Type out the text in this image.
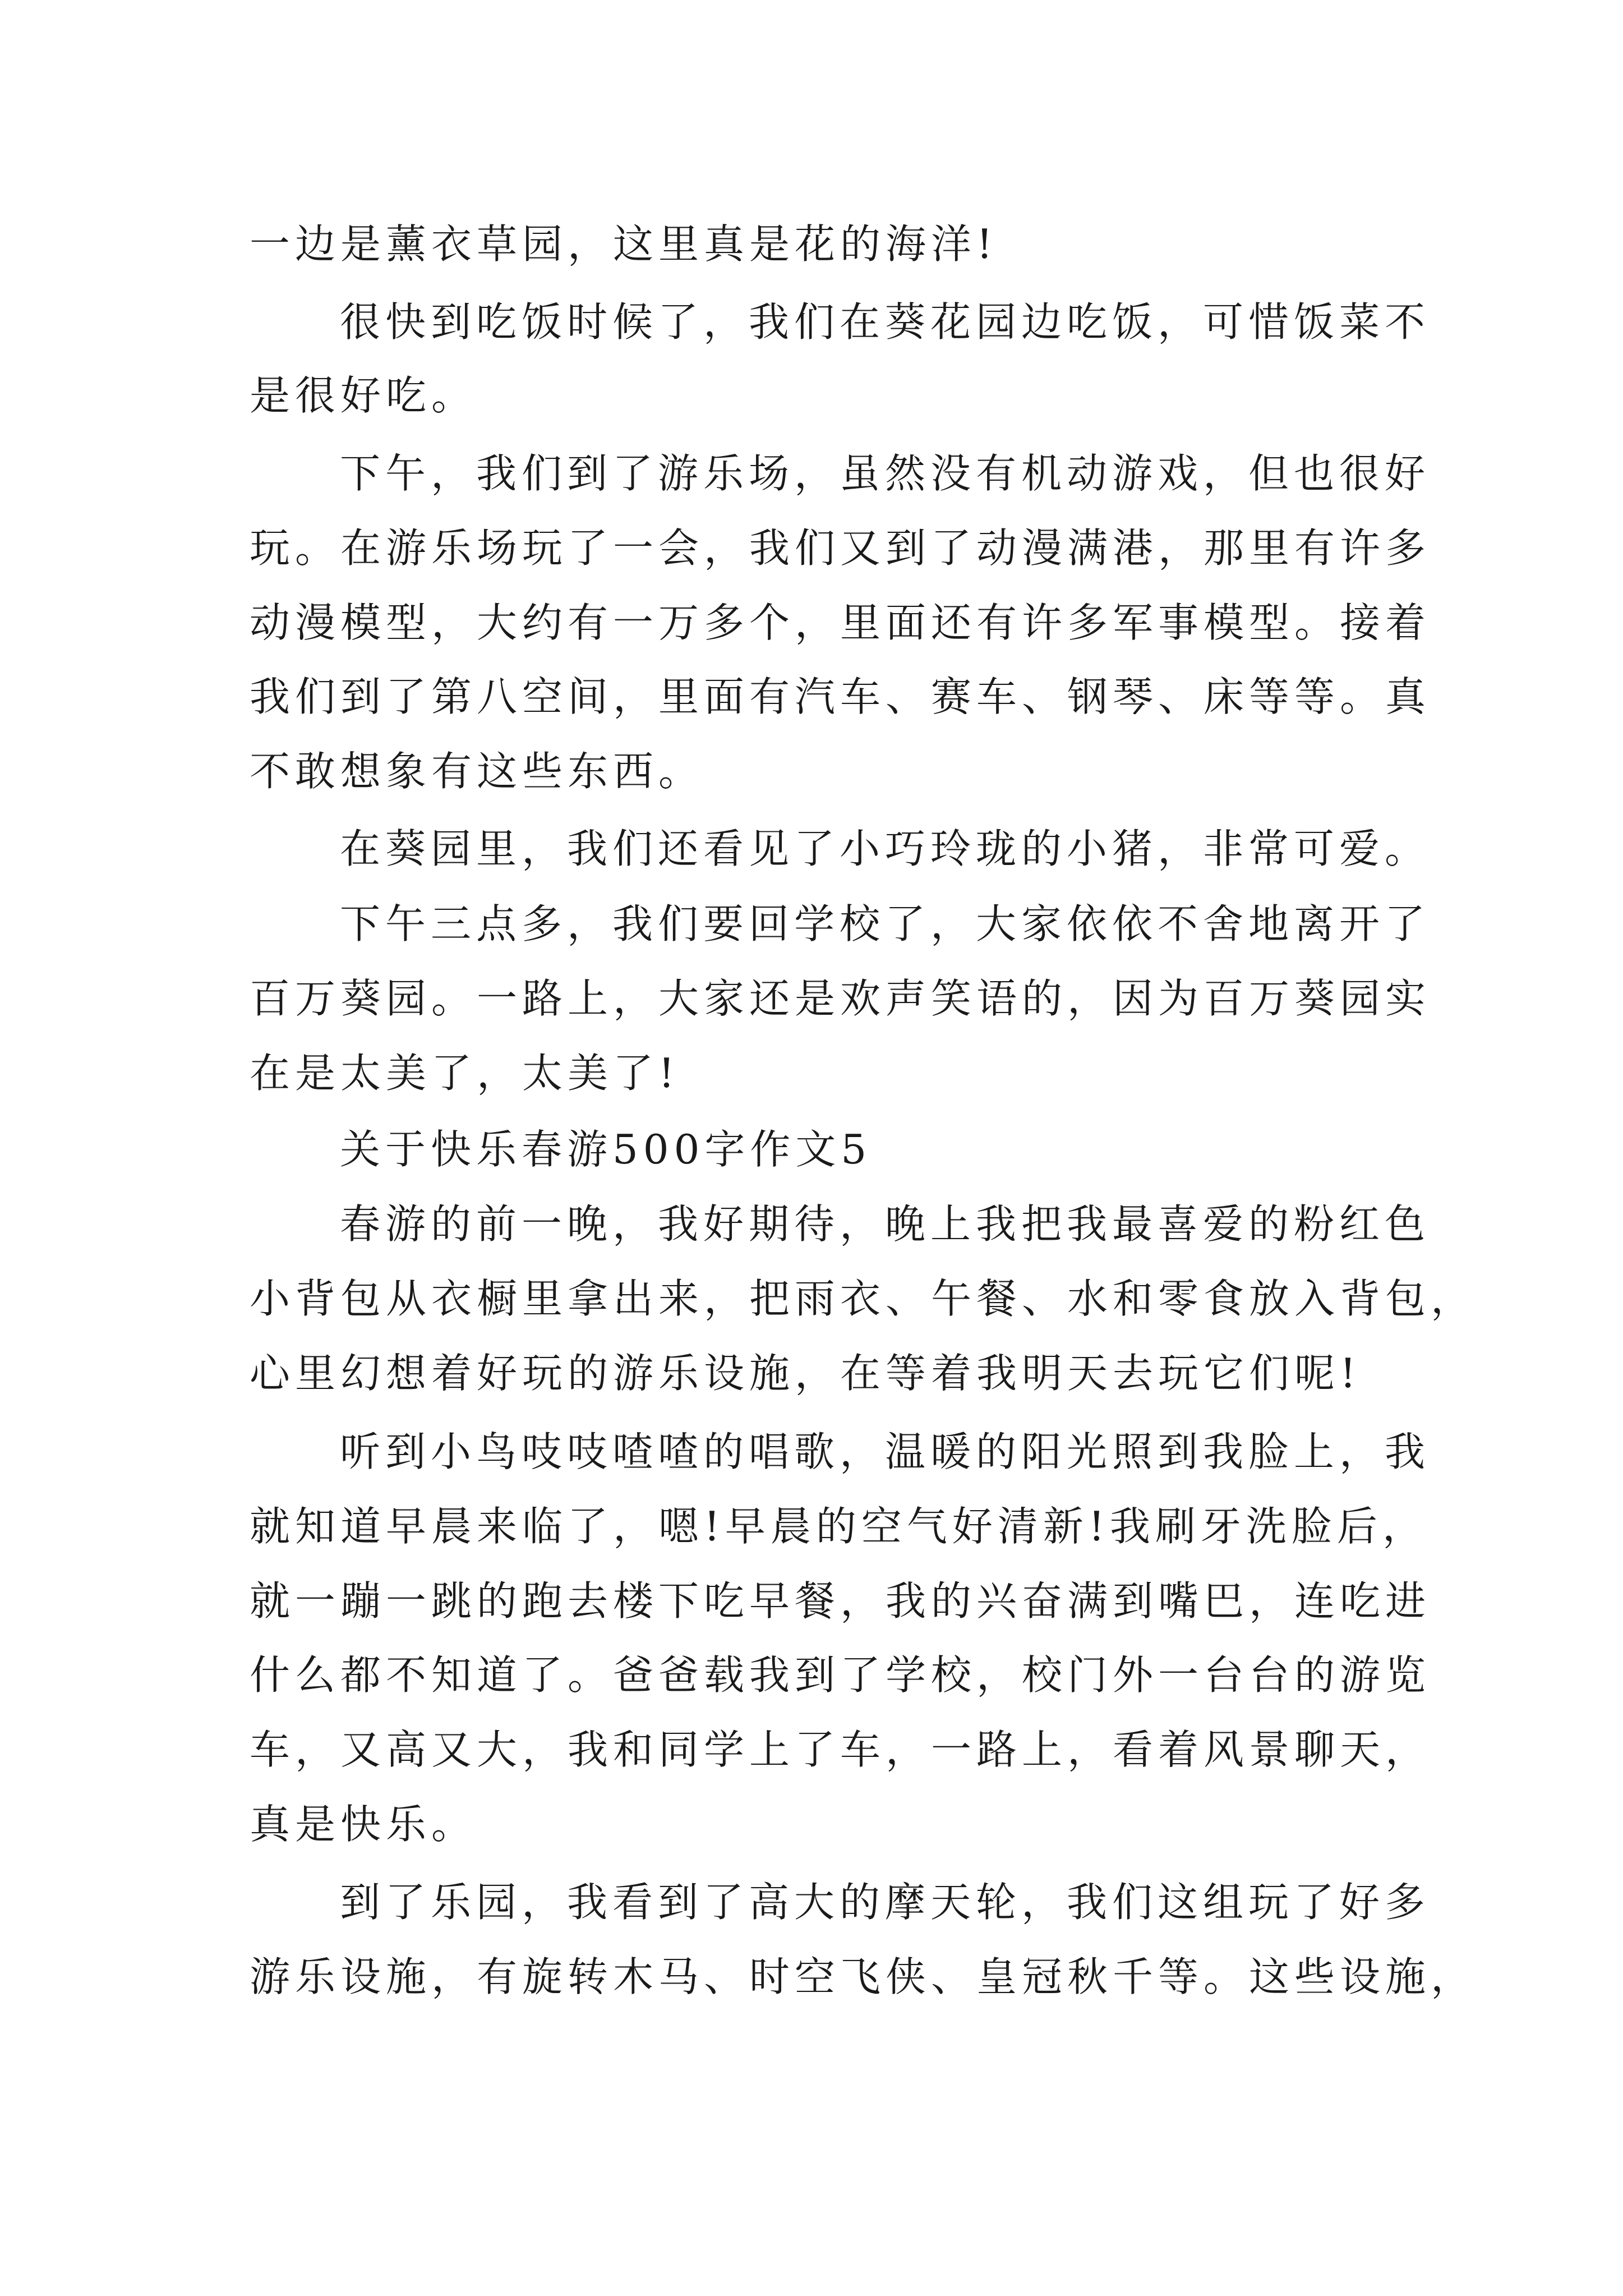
一边是薰衣草园，这里真是花的海洋!
很快到吃饭时候了，我们在葵花园边吃饭，可惜饭菜不
是很好吃。
下午，我们到了游乐场，虽然没有机动游戏，但也很好
玩。在游乐场玩了一会，我们又到了动漫满港，那里有许多
动漫模型，大约有一万多个，里面还有许多军事模型。接着
我们到了第八空间，里面有汽车、赛车、钢琴、床等等。真
不敢想象有这些东西。
在葵园里，我们还看见了小巧玲珑的小猪，非常可爱。
下午三点多，我们要回学校了，大家依依不舍地离开了
百万葵园。一路上，大家还是欢声笑语的，因为百万葵园实
在是太美了，太美了!
关于快乐春游500字作文5
春游的前一晚，我好期待，晚上我把我最喜爱的粉红色
小背包从衣橱里拿出来，把雨衣、午餐、水和零食放入背包，
心里幻想着好玩的游乐设施，在等着我明天去玩它们呢!
听到小鸟吱吱喳喳的唱歌，温暖的阳光照到我脸上，我
就知道早晨来临了，嗯!早晨的空气好清新!我刷牙洗脸后，
就一蹦一跳的跑去楼下吃早餐，我的兴奋满到嘴巴，连吃进
什么都不知道了。爸爸载我到了学校，校门外一台台的游览
车，又高又大，我和同学上了车，一路上，看着风景聊天，
真是快乐。
到了乐园，我看到了高大的摩天轮，我们这组玩了好多
游乐设施，有旋转木马、时空飞侠、皇冠秋千等。这些设施，
